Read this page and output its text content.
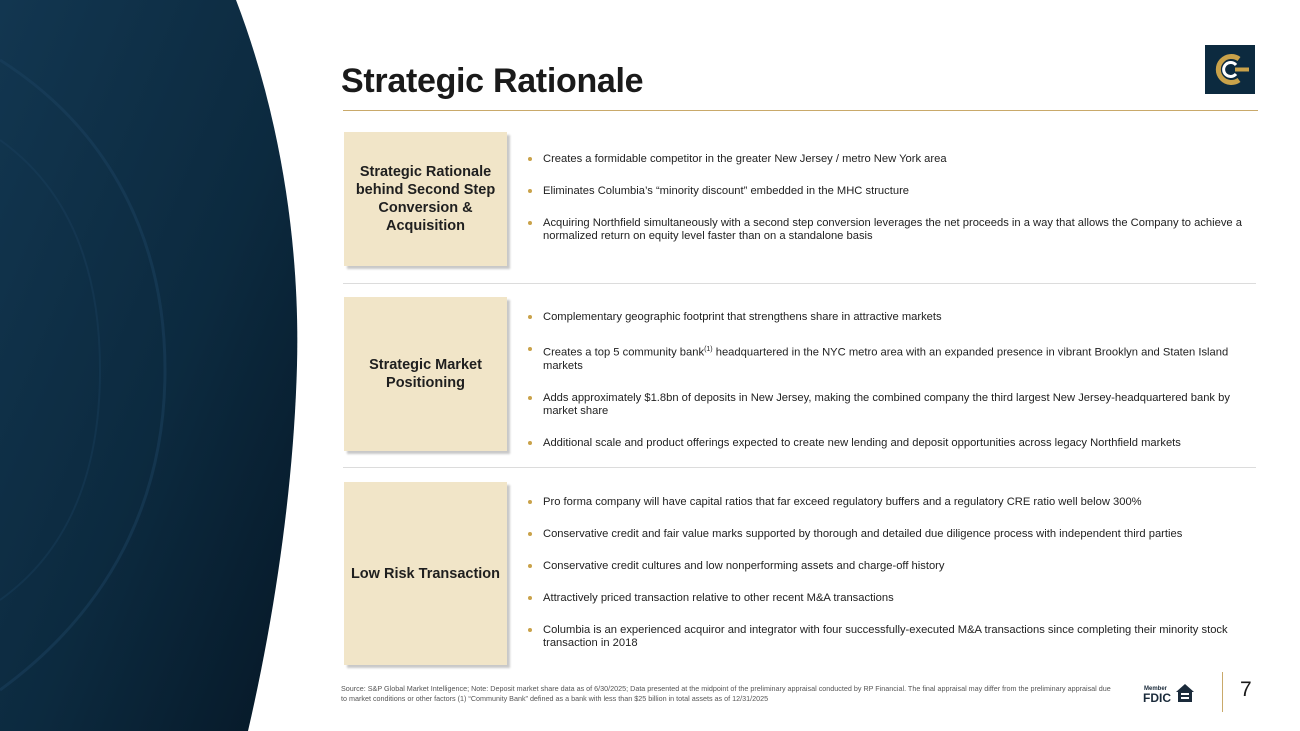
Strategic Rationale
Strategic Rationale behind Second Step Conversion & Acquisition
Creates a formidable competitor in the greater New Jersey / metro New York area
Eliminates Columbia’s “minority discount” embedded in the MHC structure
Acquiring Northfield simultaneously with a second step conversion leverages the net proceeds in a way that allows the Company to achieve a normalized return on equity level faster than on a standalone basis
Strategic Market Positioning
Complementary geographic footprint that strengthens share in attractive markets
Creates a top 5 community bank$^{(1)}$ headquartered in the NYC metro area with an expanded presence in vibrant Brooklyn and Staten Island markets
Adds approximately $1.8bn of deposits in New Jersey, making the combined company the third largest New Jersey-headquartered bank by market share
Additional scale and product offerings expected to create new lending and deposit opportunities across legacy Northfield markets
Low Risk Transaction
Pro forma company will have capital ratios that far exceed regulatory buffers and a regulatory CRE ratio well below 300%
Conservative credit and fair value marks supported by thorough and detailed due diligence process with independent third parties
Conservative credit cultures and low nonperforming assets and charge-off history
Attractively priced transaction relative to other recent M&A transactions
Columbia is an experienced acquiror and integrator with four successfully-executed M&A transactions since completing their minority stock transaction in 2018

Source: S&P Global Market Intelligence; Note: Deposit market share data as of 6/30/2025; Data presented at the midpoint of the preliminary appraisal conducted by RP Financial. The final appraisal may differ from the preliminary appraisal due to market conditions or other factors (1) “Community Bank” defined as a bank with less than $25 billion in total assets as of 12/31/2025

Member
FDIC	7
